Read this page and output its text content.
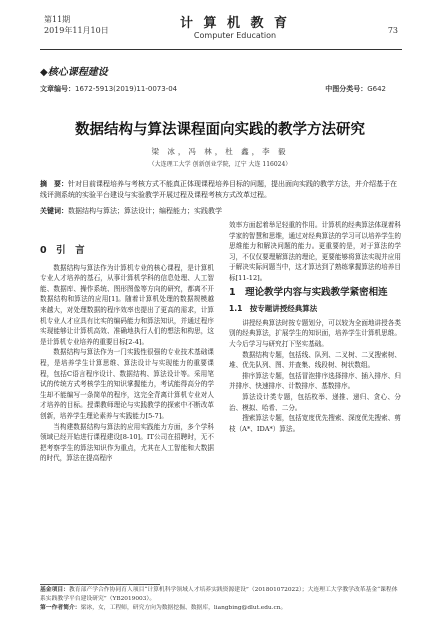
第11期
2019年11月10日	计 算 机 教 育
Computer Education
73
◆核心课程建设
文章编号：1672-5913(2019)11-0073-04	中图分类号：G642
数据结构与算法课程面向实践的教学方法研究
梁 冰，冯 林，杜 鑫，李 毅
（大连理工大学 创新创业学院，辽宁 大连 116024）
摘　要：针对目前课程培养与考核方式不能真正体现课程培养目标的问题，提出面向实践的教学方法，并介绍基于在线评测系统的实验平台建设与实验教学开展过程及课程考核方式改革过程。
关键词：数据结构与算法；算法设计；编程能力；实践教学
0　引　言

数据结构与算法作为计算机专业的核心课程，是计算机专业人才培养的基石，从事计算机学科的信息处理、人工智能、数据库、操作系统、图形图像等方向的研究，都离不开数据结构和算法的应用[1]。随着计算机处理的数据规模越来越大，对处理数据的程序效率也提出了更高的需求，计算机专业人才应具有比实的编码能力和算法知识，并通过程序实现能够让计算机高效、准确地执行人们的想法和构思，这是计算机专业培养的重要目标[2-4]。

数据结构与算法作为一门实践性很强的专业技术基础课程，是培养学生计算思维、算法设计与实现能力的重要课程，包括C语言程序设计、数据结构、算法设计等。采用笔试的传统方式考核学生的知识掌握能力，考试能得高分的学生却不能编写一条简单的程序，这完全背离计算机专业对人才培养的目标。授课教师理论与实践教学的探索中不断改革创新，培养学生理论素养与实践能力[5-7]。

当构建数据结构与算法的应用实践能力方面，多个学科领域已经开始进行课程建设[8-10]。IT公司在招聘时，无不把考察学生的算法知识作为重点，尤其在人工智能和大数据的时代，算法在提高程序

效率方面起着举足轻重的作用。计算机的经典算法体现着科学家的智慧和思维，通过对经典算法的学习可以培养学生的思维能力和解决问题的能力。更重要的是，对于算法的学习，不仅仅要理解算法的理论，更要能够将算法实现并应用于解决实际问题当中，这才算达到了熟练掌握算法的培养目标[11-12]。

1　理论教学内容与实践教学紧密相连
1.1　按专题讲授经典算法

讲授经典算法时按专题划分，可以较为全面地讲授各类别的经典算法，扩展学生的知识面，培养学生计算机思维。大今后学习与研究打下坚实基础。

数据结构专题，包括线、队列、二叉树、二叉搜索树、堆、优先队列、图、并查集、线段树、树状数组。

排序算法专题，包括冒泡排序选择排序、插入排序、归并排序、快速排序、计数排序、基数排序。

算法设计类专题，包括枚举、递推、递归、贪心、分治、模拟、哈希、二分。

搜索算法专题，包括宽度优先搜索、深度优先搜索、剪枝（A*、IDA*）算法。

基金项目：教育部产学合作协同育人项目“计算机科学领域人才培养实践资源建设”（201801072022）；大连理工大学教学改革基金“课程体系实践教学平台建设研究”（YB2019003）。
第一作者简介：梁冰，女，工程师，研究方向为数据挖掘、数据库，liangbing@dlut.edu.cn。
